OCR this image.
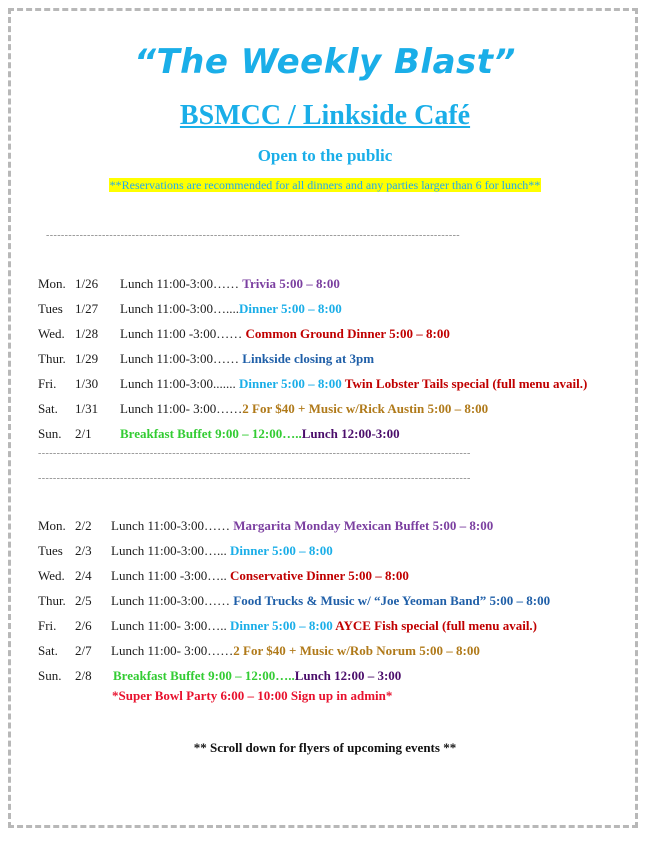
“The Weekly Blast”
BSMCC / Linkside Café
Open to the public
**Reservations are recommended for all dinners and any parties larger than 6 for lunch**
---------------------------------------------------------------------------------------------------------------
Mon. 1/26 Lunch 11:00-3:00…… Trivia 5:00 – 8:00
Tues 1/27 Lunch 11:00-3:00…....Dinner 5:00 – 8:00
Wed. 1/28 Lunch 11:00 -3:00…… Common Ground Dinner 5:00 – 8:00
Thur. 1/29 Lunch 11:00-3:00…… Linkside closing at 3pm
Fri. 1/30 Lunch 11:00-3:00....... Dinner 5:00 – 8:00 Twin Lobster Tails special (full menu avail.)
Sat. 1/31 Lunch 11:00- 3:00……2 For $40 + Music w/Rick Austin 5:00 – 8:00
Sun. 2/1 Breakfast Buffet 9:00 – 12:00…..Lunch 12:00-3:00
--------------------------------------------------------------------------------------------------------------------
--------------------------------------------------------------------------------------------------------------------
Mon. 2/2 Lunch 11:00-3:00…… Margarita Monday Mexican Buffet 5:00 – 8:00
Tues 2/3 Lunch 11:00-3:00…... Dinner 5:00 – 8:00
Wed. 2/4 Lunch 11:00 -3:00….. Conservative Dinner 5:00 – 8:00
Thur. 2/5 Lunch 11:00-3:00…… Food Trucks & Music w/ “Joe Yeoman Band” 5:00 – 8:00
Fri. 2/6 Lunch 11:00- 3:00….. Dinner 5:00 – 8:00 AYCE Fish special (full menu avail.)
Sat. 2/7 Lunch 11:00- 3:00……2 For $40 + Music w/Rob Norum 5:00 – 8:00
Sun. 2/8 Breakfast Buffet 9:00 – 12:00…..Lunch 12:00 – 3:00
*Super Bowl Party 6:00 – 10:00 Sign up in admin*
** Scroll down for flyers of upcoming events **
